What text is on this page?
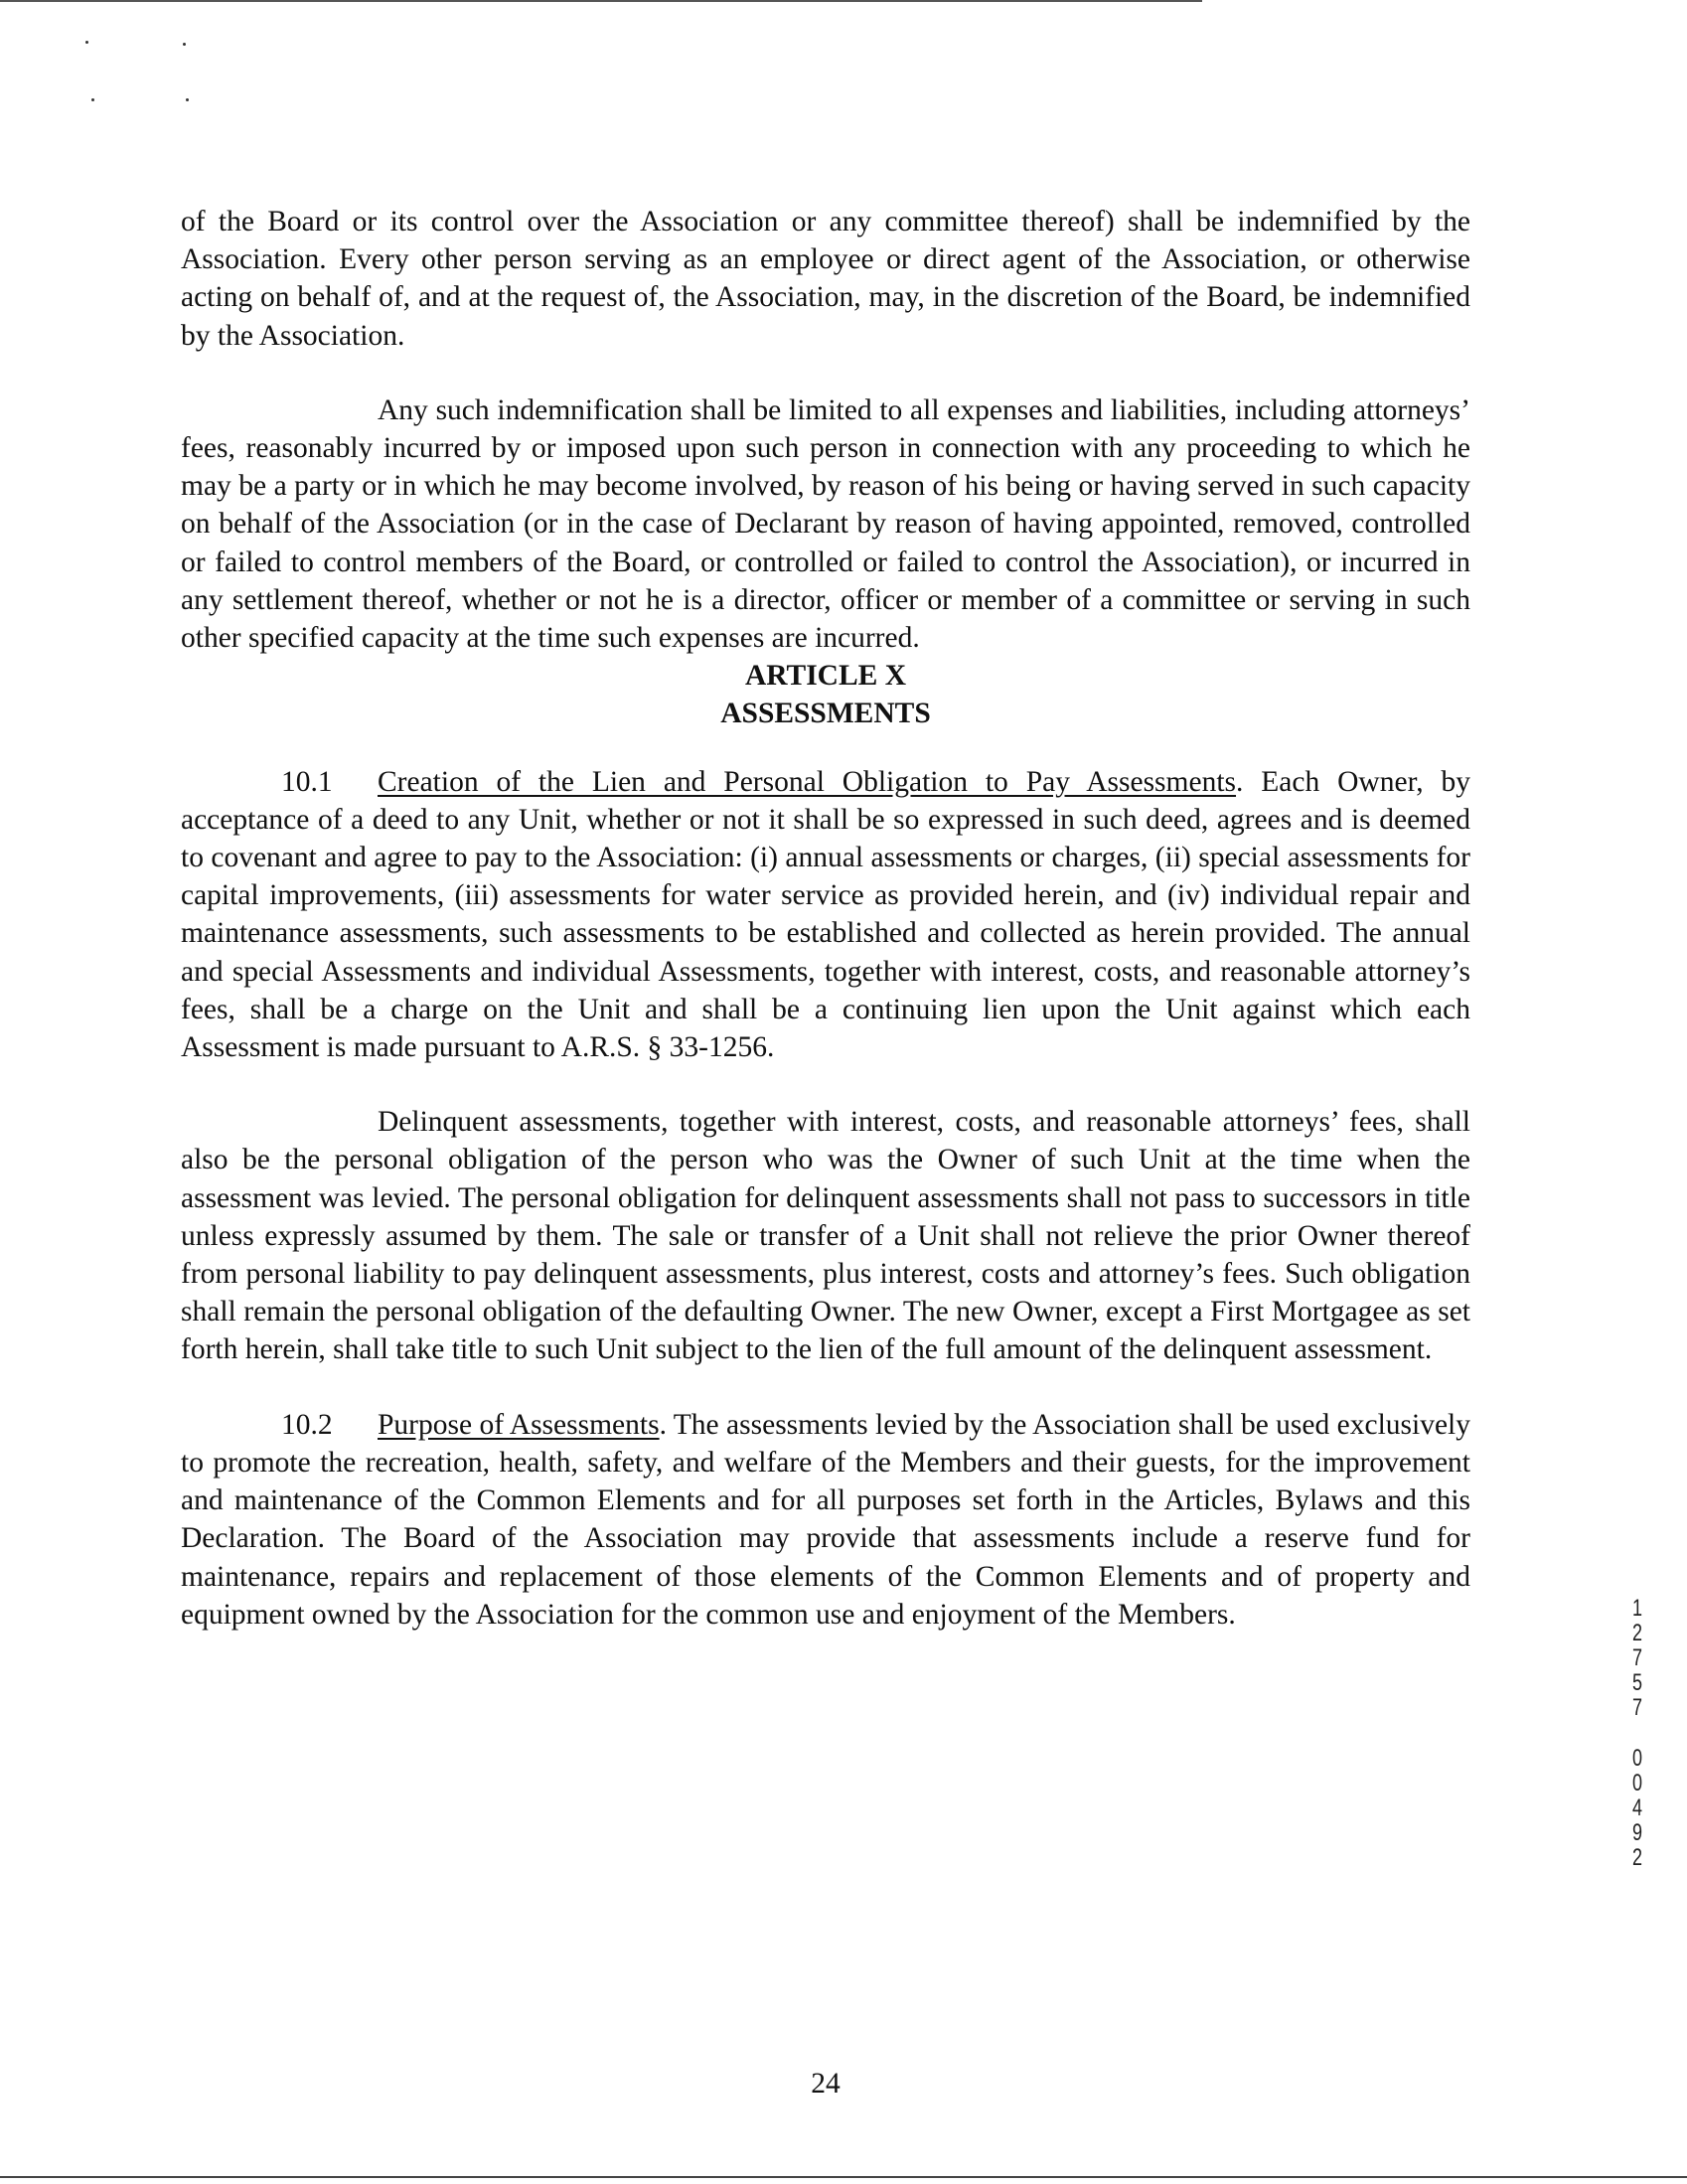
of the Board or its control over the Association or any committee thereof) shall be indemnified by the Association. Every other person serving as an employee or direct agent of the Association, or otherwise acting on behalf of, and at the request of, the Association, may, in the discretion of the Board, be indemnified by the Association.

Any such indemnification shall be limited to all expenses and liabilities, including attorneys’ fees, reasonably incurred by or imposed upon such person in connection with any proceeding to which he may be a party or in which he may become involved, by reason of his being or having served in such capacity on behalf of the Association (or in the case of Declarant by reason of having appointed, removed, controlled or failed to control members of the Board, or controlled or failed to control the Association), or incurred in any settlement thereof, whether or not he is a director, officer or member of a committee or serving in such other specified capacity at the time such expenses are incurred.

ARTICLE X
ASSESSMENTS

10.1 Creation of the Lien and Personal Obligation to Pay Assessments. Each Owner, by acceptance of a deed to any Unit, whether or not it shall be so expressed in such deed, agrees and is deemed to covenant and agree to pay to the Association: (i) annual assessments or charges, (ii) special assessments for capital improvements, (iii) assessments for water service as provided herein, and (iv) individual repair and maintenance assessments, such assessments to be established and collected as herein provided. The annual and special Assessments and individual Assessments, together with interest, costs, and reasonable attorney’s fees, shall be a charge on the Unit and shall be a continuing lien upon the Unit against which each Assessment is made pursuant to A.R.S. § 33-1256.

Delinquent assessments, together with interest, costs, and reasonable attorneys’ fees, shall also be the personal obligation of the person who was the Owner of such Unit at the time when the assessment was levied. The personal obligation for delinquent assessments shall not pass to successors in title unless expressly assumed by them. The sale or transfer of a Unit shall not relieve the prior Owner thereof from personal liability to pay delinquent assessments, plus interest, costs and attorney’s fees. Such obligation shall remain the personal obligation of the defaulting Owner. The new Owner, except a First Mortgagee as set forth herein, shall take title to such Unit subject to the lien of the full amount of the delinquent assessment.

10.2 Purpose of Assessments. The assessments levied by the Association shall be used exclusively to promote the recreation, health, safety, and welfare of the Members and their guests, for the improvement and maintenance of the Common Elements and for all purposes set forth in the Articles, Bylaws and this Declaration. The Board of the Association may provide that assessments include a reserve fund for maintenance, repairs and replacement of those elements of the Common Elements and of property and equipment owned by the Association for the common use and enjoyment of the Members.	1
2
7
5
7
0
0
4
9
2
24
